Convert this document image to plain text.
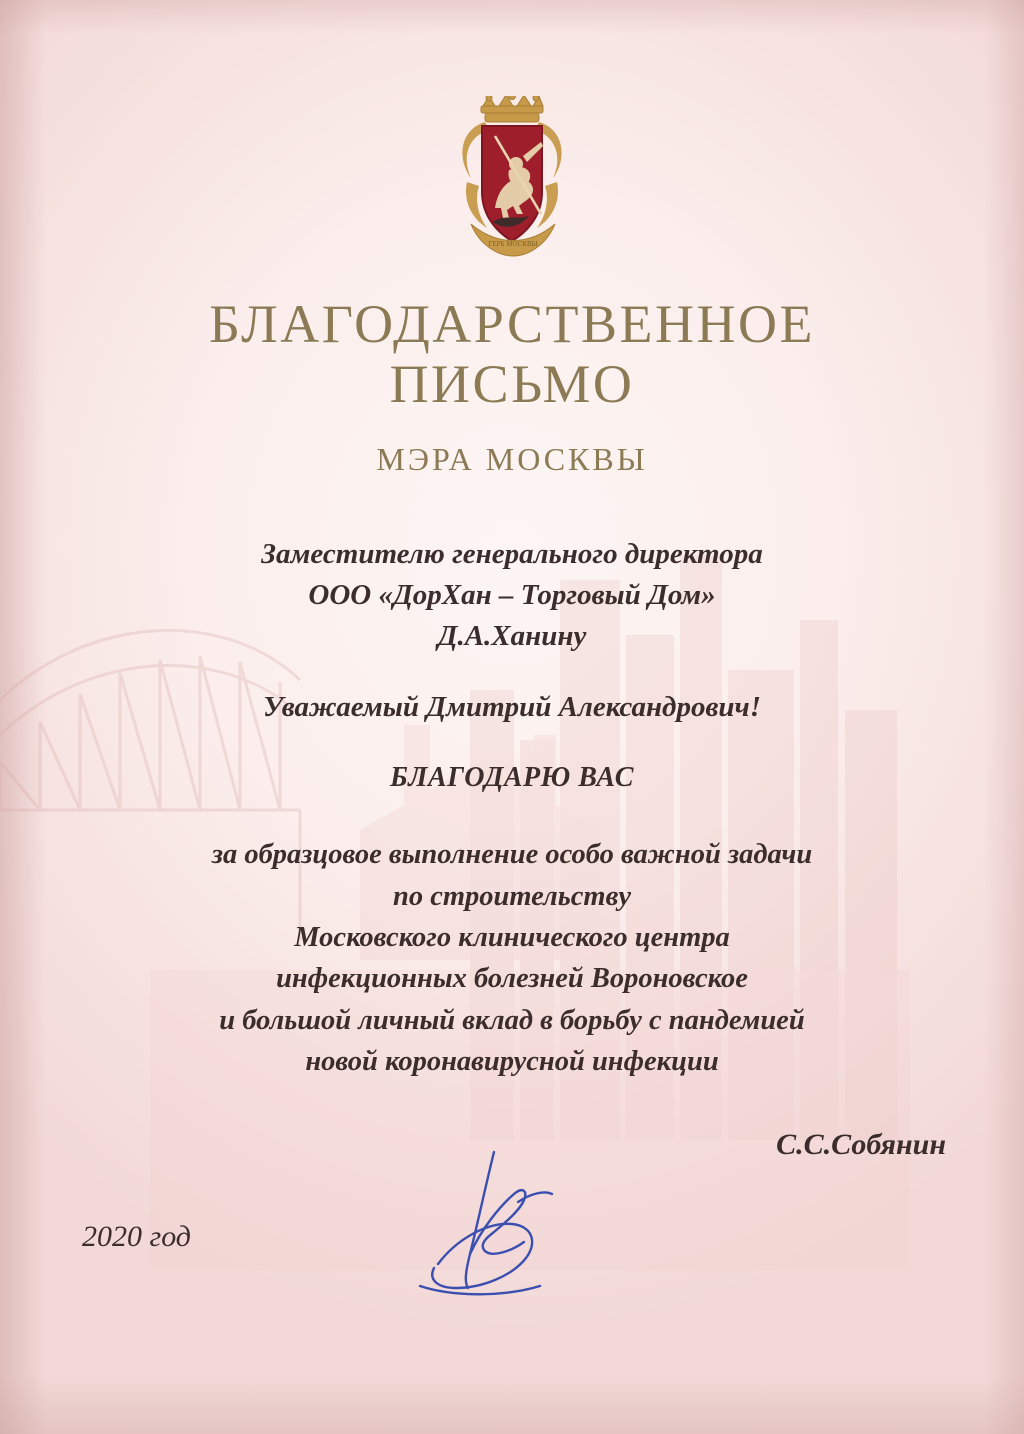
ГЕРБ МОСКВЫ
БЛАГОДАРСТВЕННОЕ
ПИСЬМО
МЭРА МОСКВЫ
Заместителю генерального директора
ООО «ДорХан – Торговый Дом»
Д.А.Ханину
Уважаемый Дмитрий Александрович!
БЛАГОДАРЮ ВАС
за образцовое выполнение особо важной задачи
по строительству
Московского клинического центра
инфекционных болезней Вороновское
и большой личный вклад в борьбу с пандемией
новой коронавирусной инфекции
С.С.Собянин
2020 год
